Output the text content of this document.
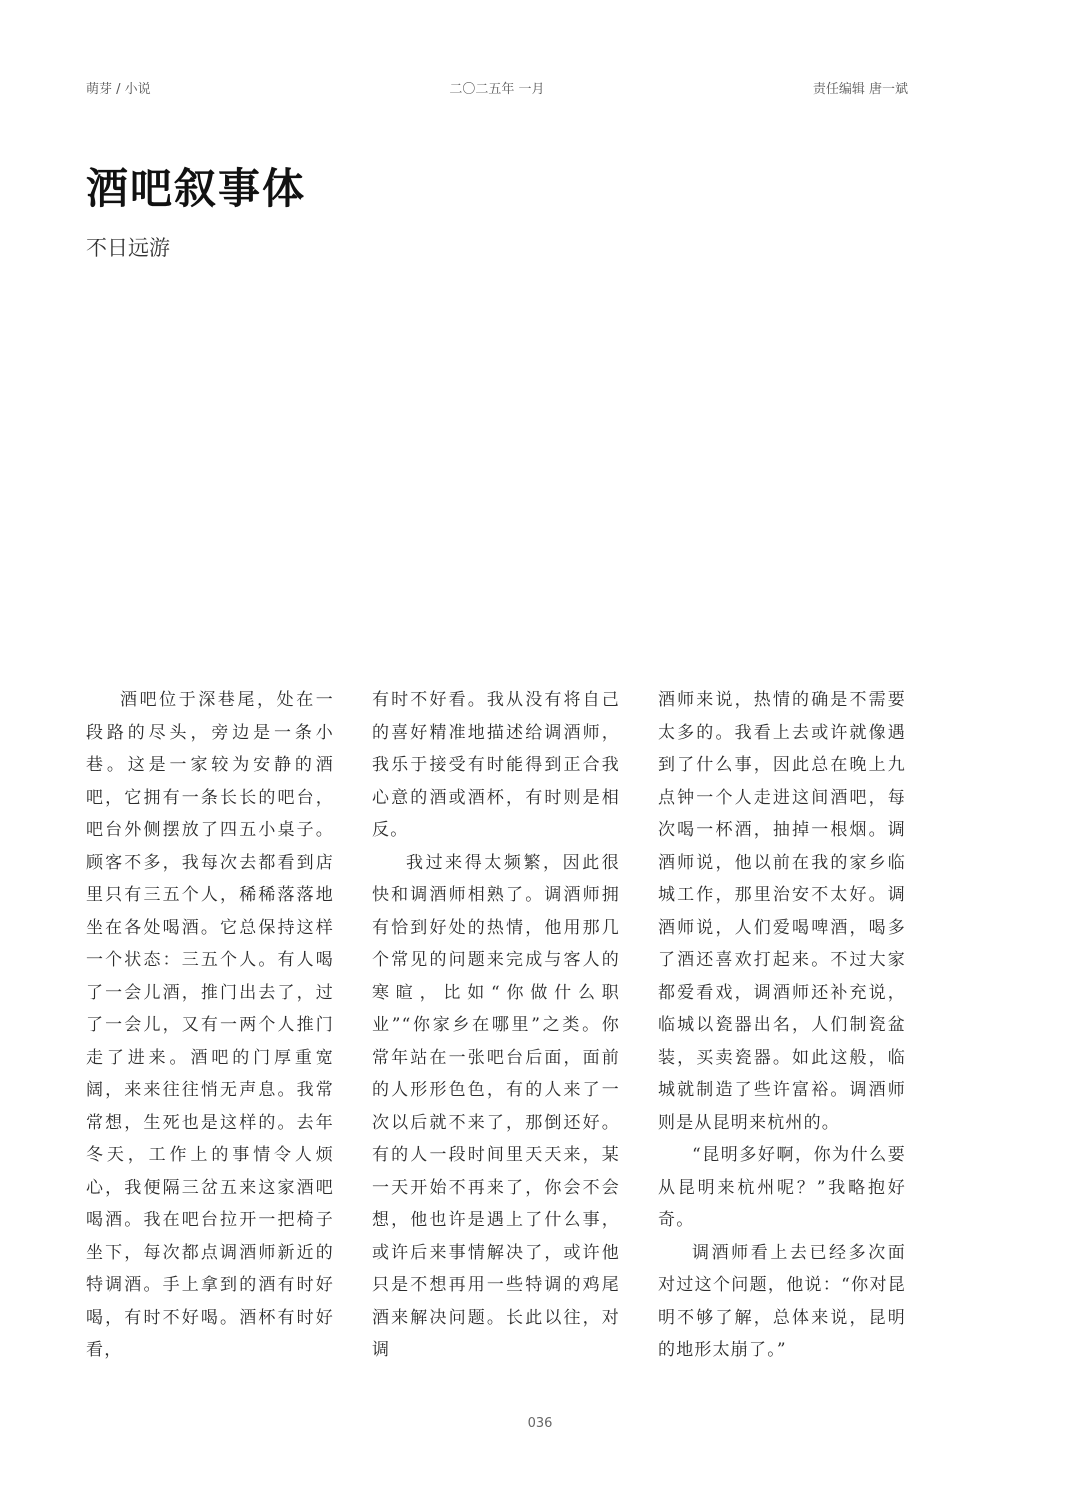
萌芽 / 小说	二〇二五年 一月	责任编辑 唐一斌
酒吧叙事体

不日远游

酒吧位于深巷尾，处在一段路的尽头，旁边是一条小巷。这是一家较为安静的酒吧，它拥有一条长长的吧台，吧台外侧摆放了四五小桌子。顾客不多，我每次去都看到店里只有三五个人，稀稀落落地坐在各处喝酒。它总保持这样一个状态：三五个人。有人喝了一会儿酒，推门出去了，过了一会儿，又有一两个人推门走了进来。酒吧的门厚重宽阔，来来往往悄无声息。我常常想，生死也是这样的。去年冬天，工作上的事情令人烦心，我便隔三岔五来这家酒吧喝酒。我在吧台拉开一把椅子坐下，每次都点调酒师新近的特调酒。手上拿到的酒有时好喝，有时不好喝。酒杯有时好看，

有时不好看。我从没有将自己的喜好精准地描述给调酒师，我乐于接受有时能得到正合我心意的酒或酒杯，有时则是相反。

我过来得太频繁，因此很快和调酒师相熟了。调酒师拥有恰到好处的热情，他用那几个常见的问题来完成与客人的寒暄，比如“你做什么职业”“你家乡在哪里”之类。你常年站在一张吧台后面，面前的人形形色色，有的人来了一次以后就不来了，那倒还好。有的人一段时间里天天来，某一天开始不再来了，你会不会想，他也许是遇上了什么事，或许后来事情解决了，或许他只是不想再用一些特调的鸡尾酒来解决问题。长此以往，对调

酒师来说，热情的确是不需要太多的。我看上去或许就像遇到了什么事，因此总在晚上九点钟一个人走进这间酒吧，每次喝一杯酒，抽掉一根烟。调酒师说，他以前在我的家乡临城工作，那里治安不太好。调酒师说，人们爱喝啤酒，喝多了酒还喜欢打起来。不过大家都爱看戏，调酒师还补充说，临城以瓷器出名，人们制瓷盆装，买卖瓷器。如此这般，临城就制造了些许富裕。调酒师则是从昆明来杭州的。

“昆明多好啊，你为什么要从昆明来杭州呢？”我略抱好奇。

调酒师看上去已经多次面对过这个问题，他说：“你对昆明不够了解，总体来说，昆明的地形太崩了。”

036
